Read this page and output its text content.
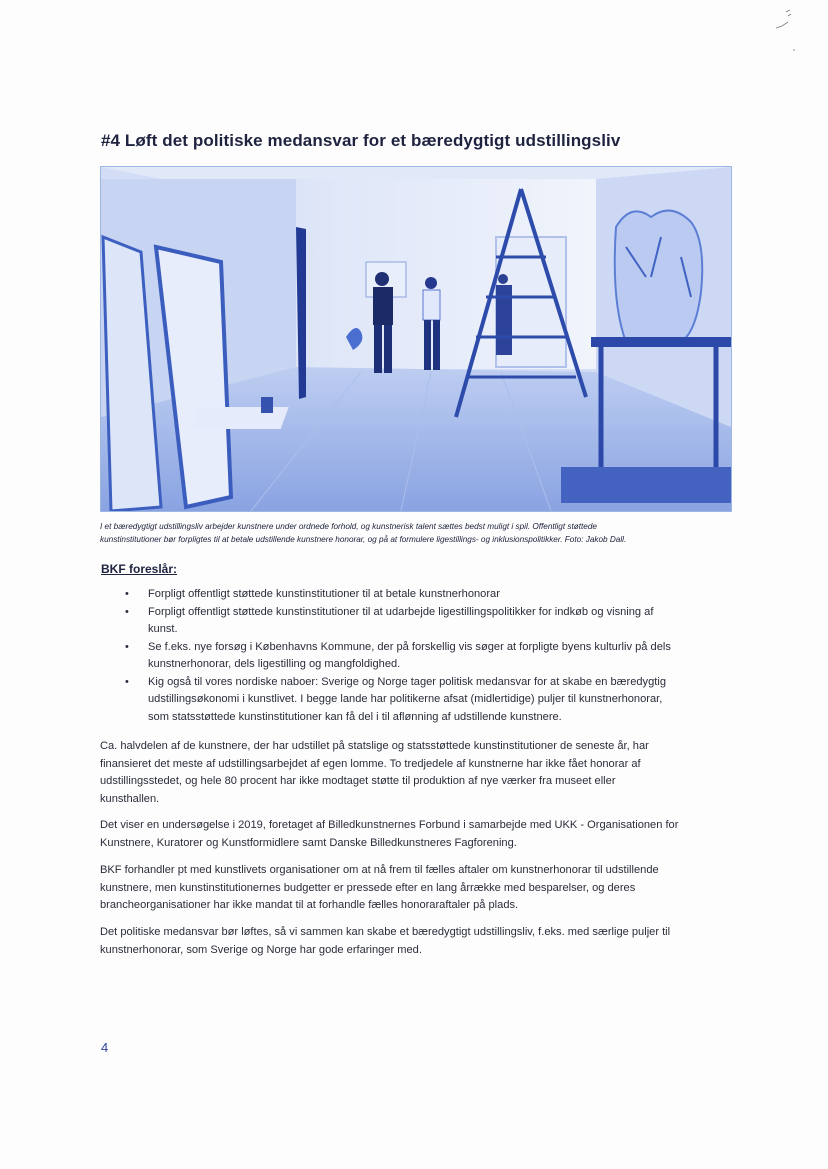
#4 Løft det politiske medansvar for et bæredygtigt udstillingsliv

I et bæredygtigt udstillingsliv arbejder kunstnere under ordnede forhold, og kunstnerisk talent sættes bedst muligt i spil. Offentligt støttede

kunstinstitutioner bør forpligtes til at betale udstillende kunstnere honorar, og på at formulere ligestillings- og inklusionspolitikker. Foto: Jakob Dall.

BKF foreslår:
• Forpligt offentligt støttede kunstinstitutioner til at betale kunstnerhonorar
• Forpligt offentligt støttede kunstinstitutioner til at udarbejde ligestillingspolitikker for indkøb og visning af
kunst.
• Se f.eks. nye forsøg i Københavns Kommune, der på forskellig vis søger at forpligte byens kulturliv på dels
kunstnerhonorar, dels ligestilling og mangfoldighed.
• Kig også til vores nordiske naboer: Sverige og Norge tager politisk medansvar for at skabe en bæredygtig
udstillingsøkonomi i kunstlivet. I begge lande har politikerne afsat (midlertidige) puljer til kunstnerhonorar,
som statsstøttede kunstinstitutioner kan få del i til aflønning af udstillende kunstnere.

Ca. halvdelen af de kunstnere, der har udstillet på statslige og statsstøttede kunstinstitutioner de seneste år, har
finansieret det meste af udstillingsarbejdet af egen lomme. To tredjedele af kunstnerne har ikke fået honorar af
udstillingsstedet, og hele 80 procent har ikke modtaget støtte til produktion af nye værker fra museet eller
kunsthallen.

Det viser en undersøgelse i 2019, foretaget af Billedkunstnernes Forbund i samarbejde med UKK - Organisationen for
Kunstnere, Kuratorer og Kunstformidlere samt Danske Billedkunstneres Fagforening.

BKF forhandler pt med kunstlivets organisationer om at nå frem til fælles aftaler om kunstnerhonorar til udstillende
kunstnere, men kunstinstitutionernes budgetter er pressede efter en lang årrække med besparelser, og deres
brancheorganisationer har ikke mandat til at forhandle fælles honoraraftaler på plads.

Det politiske medansvar bør løftes, så vi sammen kan skabe et bæredygtigt udstillingsliv, f.eks. med særlige puljer til
kunstnerhonorar, som Sverige og Norge har gode erfaringer med.

4
